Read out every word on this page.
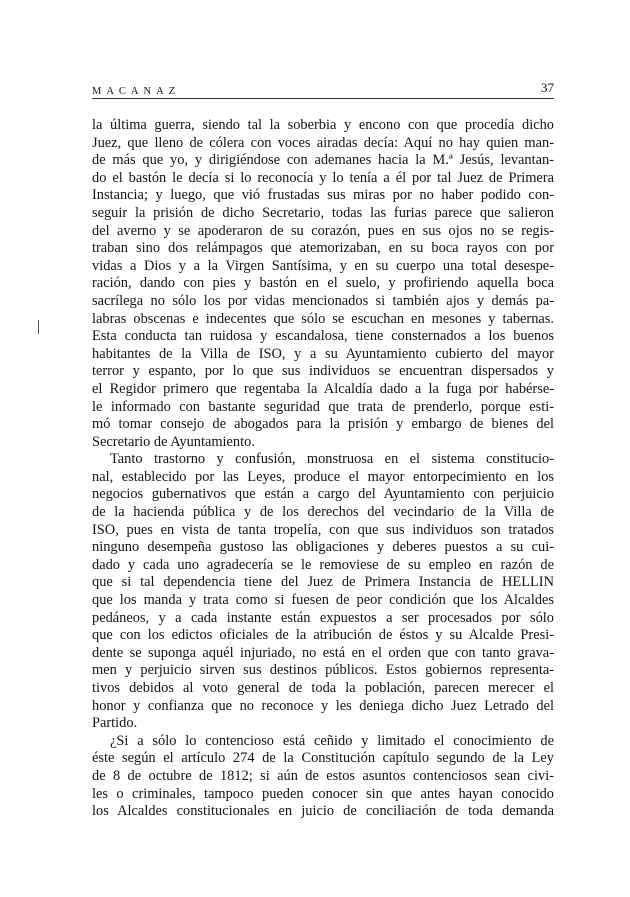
MACANAZ	37
la última guerra, siendo tal la soberbia y encono con que procedía dicho
Juez, que lleno de cólera con voces airadas decía: Aquí no hay quien man-
de más que yo, y dirigiéndose con ademanes hacia la M.ª Jesús, levantan-
do el bastón le decía si lo reconocía y lo tenía a él por tal Juez de Primera
Instancia; y luego, que vió frustadas sus miras por no haber podido con-
seguir la prisión de dicho Secretario, todas las furias parece que salieron
del averno y se apoderaron de su corazón, pues en sus ojos no se regis-
traban sino dos relámpagos que atemorizaban, en su boca rayos con por
vidas a Dios y a la Virgen Santísima, y en su cuerpo una total desespe-
ración, dando con pies y bastón en el suelo, y profiriendo aquella boca
sacrílega no sólo los por vidas mencionados si también ajos y demás pa-
labras obscenas e indecentes que sólo se escuchan en mesones y tabernas.
Esta conducta tan ruidosa y escandalosa, tiene consternados a los buenos
habitantes de la Villa de ISO, y a su Ayuntamiento cubierto del mayor
terror y espanto, por lo que sus individuos se encuentran dispersados y
el Regidor primero que regentaba la Alcaldía dado a la fuga por habérse-
le informado con bastante seguridad que trata de prenderlo, porque esti-
mó tomar consejo de abogados para la prisión y embargo de bienes del
Secretario de Ayuntamiento.
Tanto trastorno y confusión, monstruosa en el sistema constitucio-
nal, establecido por las Leyes, produce el mayor entorpecimiento en los
negocios gubernativos que están a cargo del Ayuntamiento con perjuicio
de la hacienda pública y de los derechos del vecindario de la Villa de
ISO, pues en vista de tanta tropelía, con que sus individuos son tratados
ninguno desempeña gustoso las obligaciones y deberes puestos a su cui-
dado y cada uno agradecería se le removiese de su empleo en razón de
que si tal dependencia tiene del Juez de Primera Instancia de HELLIN
que los manda y trata como si fuesen de peor condición que los Alcaldes
pedáneos, y a cada instante están expuestos a ser procesados por sólo
que con los edictos oficiales de la atribución de éstos y su Alcalde Presi-
dente se suponga aquél injuriado, no está en el orden que con tanto grava-
men y perjuicio sirven sus destinos públicos. Estos gobiernos representa-
tivos debidos al voto general de toda la población, parecen merecer el
honor y confianza que no reconoce y les deniega dicho Juez Letrado del
Partido.
¿Si a sólo lo contencioso está ceñido y limitado el conocimiento de
éste según el artículo 274 de la Constitución capítulo segundo de la Ley
de 8 de octubre de 1812; si aún de estos asuntos contenciosos sean civi-
les o criminales, tampoco pueden conocer sin que antes hayan conocido
los Alcaldes constitucionales en juicio de conciliación de toda demanda
